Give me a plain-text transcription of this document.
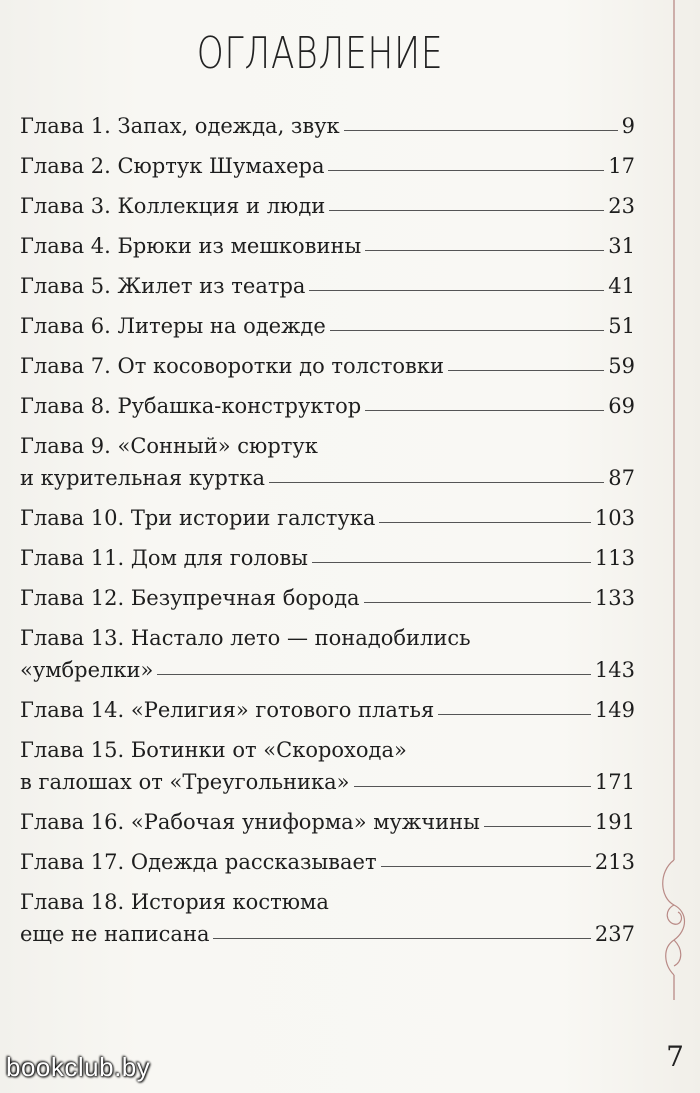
ОГЛАВЛЕНИЕ
Глава 1. Запах, одежда, звук	9
Глава 2. Сюртук Шумахера	17
Глава 3. Коллекция и люди	23
Глава 4. Брюки из мешковины	31
Глава 5. Жилет из театра	41
Глава 6. Литеры на одежде	51
Глава 7. От косоворотки до толстовки	59
Глава 8. Рубашка-конструктор	69
Глава 9. «Сонный» сюртук
и курительная куртка	87
Глава 10. Три истории галстука	103
Глава 11. Дом для головы	113
Глава 12. Безупречная борода	133
Глава 13. Настало лето — понадобились
«умбрелки»	143
Глава 14. «Религия» готового платья	149
Глава 15. Ботинки от «Скорохода»
в галошах от «Треугольника»	171
Глава 16. «Рабочая униформа» мужчины	191
Глава 17. Одежда рассказывает	213
Глава 18. История костюма
еще не написана	237
7
bookclub.by
